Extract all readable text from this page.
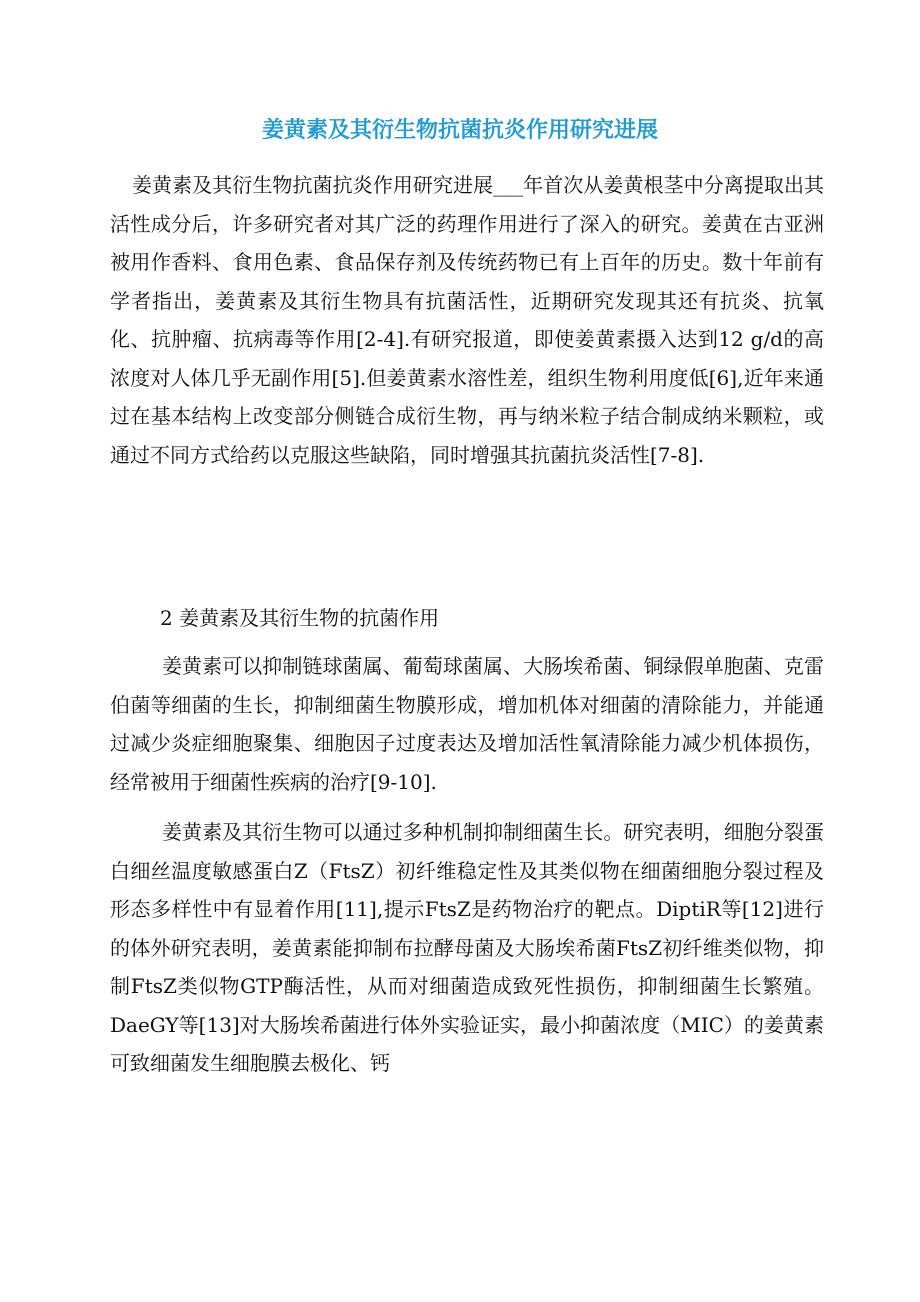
姜黄素及其衍生物抗菌抗炎作用研究进展

姜黄素及其衍生物抗菌抗炎作用研究进展___年首次从姜黄根茎中分离提取出其活性成分后，许多研究者对其广泛的药理作用进行了深入的研究。姜黄在古亚洲被用作香料、食用色素、食品保存剂及传统药物已有上百年的历史。数十年前有学者指出，姜黄素及其衍生物具有抗菌活性，近期研究发现其还有抗炎、抗氧化、抗肿瘤、抗病毒等作用[2-4].有研究报道，即使姜黄素摄入达到12 g/d的高浓度对人体几乎无副作用[5].但姜黄素水溶性差，组织生物利用度低[6],近年来通过在基本结构上改变部分侧链合成衍生物，再与纳米粒子结合制成纳米颗粒，或通过不同方式给药以克服这些缺陷，同时增强其抗菌抗炎活性[7-8].

2 姜黄素及其衍生物的抗菌作用

姜黄素可以抑制链球菌属、葡萄球菌属、大肠埃希菌、铜绿假单胞菌、克雷伯菌等细菌的生长，抑制细菌生物膜形成，增加机体对细菌的清除能力，并能通过减少炎症细胞聚集、细胞因子过度表达及增加活性氧清除能力减少机体损伤，经常被用于细菌性疾病的治疗[9-10].

姜黄素及其衍生物可以通过多种机制抑制细菌生长。研究表明，细胞分裂蛋白细丝温度敏感蛋白Z（FtsZ）初纤维稳定性及其类似物在细菌细胞分裂过程及形态多样性中有显着作用[11],提示FtsZ是药物治疗的靶点。DiptiR等[12]进行的体外研究表明，姜黄素能抑制布拉酵母菌及大肠埃希菌FtsZ初纤维类似物，抑制FtsZ类似物GTP酶活性，从而对细菌造成致死性损伤，抑制细菌生长繁殖。DaeGY等[13]对大肠埃希菌进行体外实验证实，最小抑菌浓度（MIC）的姜黄素可致细菌发生细胞膜去极化、钙
